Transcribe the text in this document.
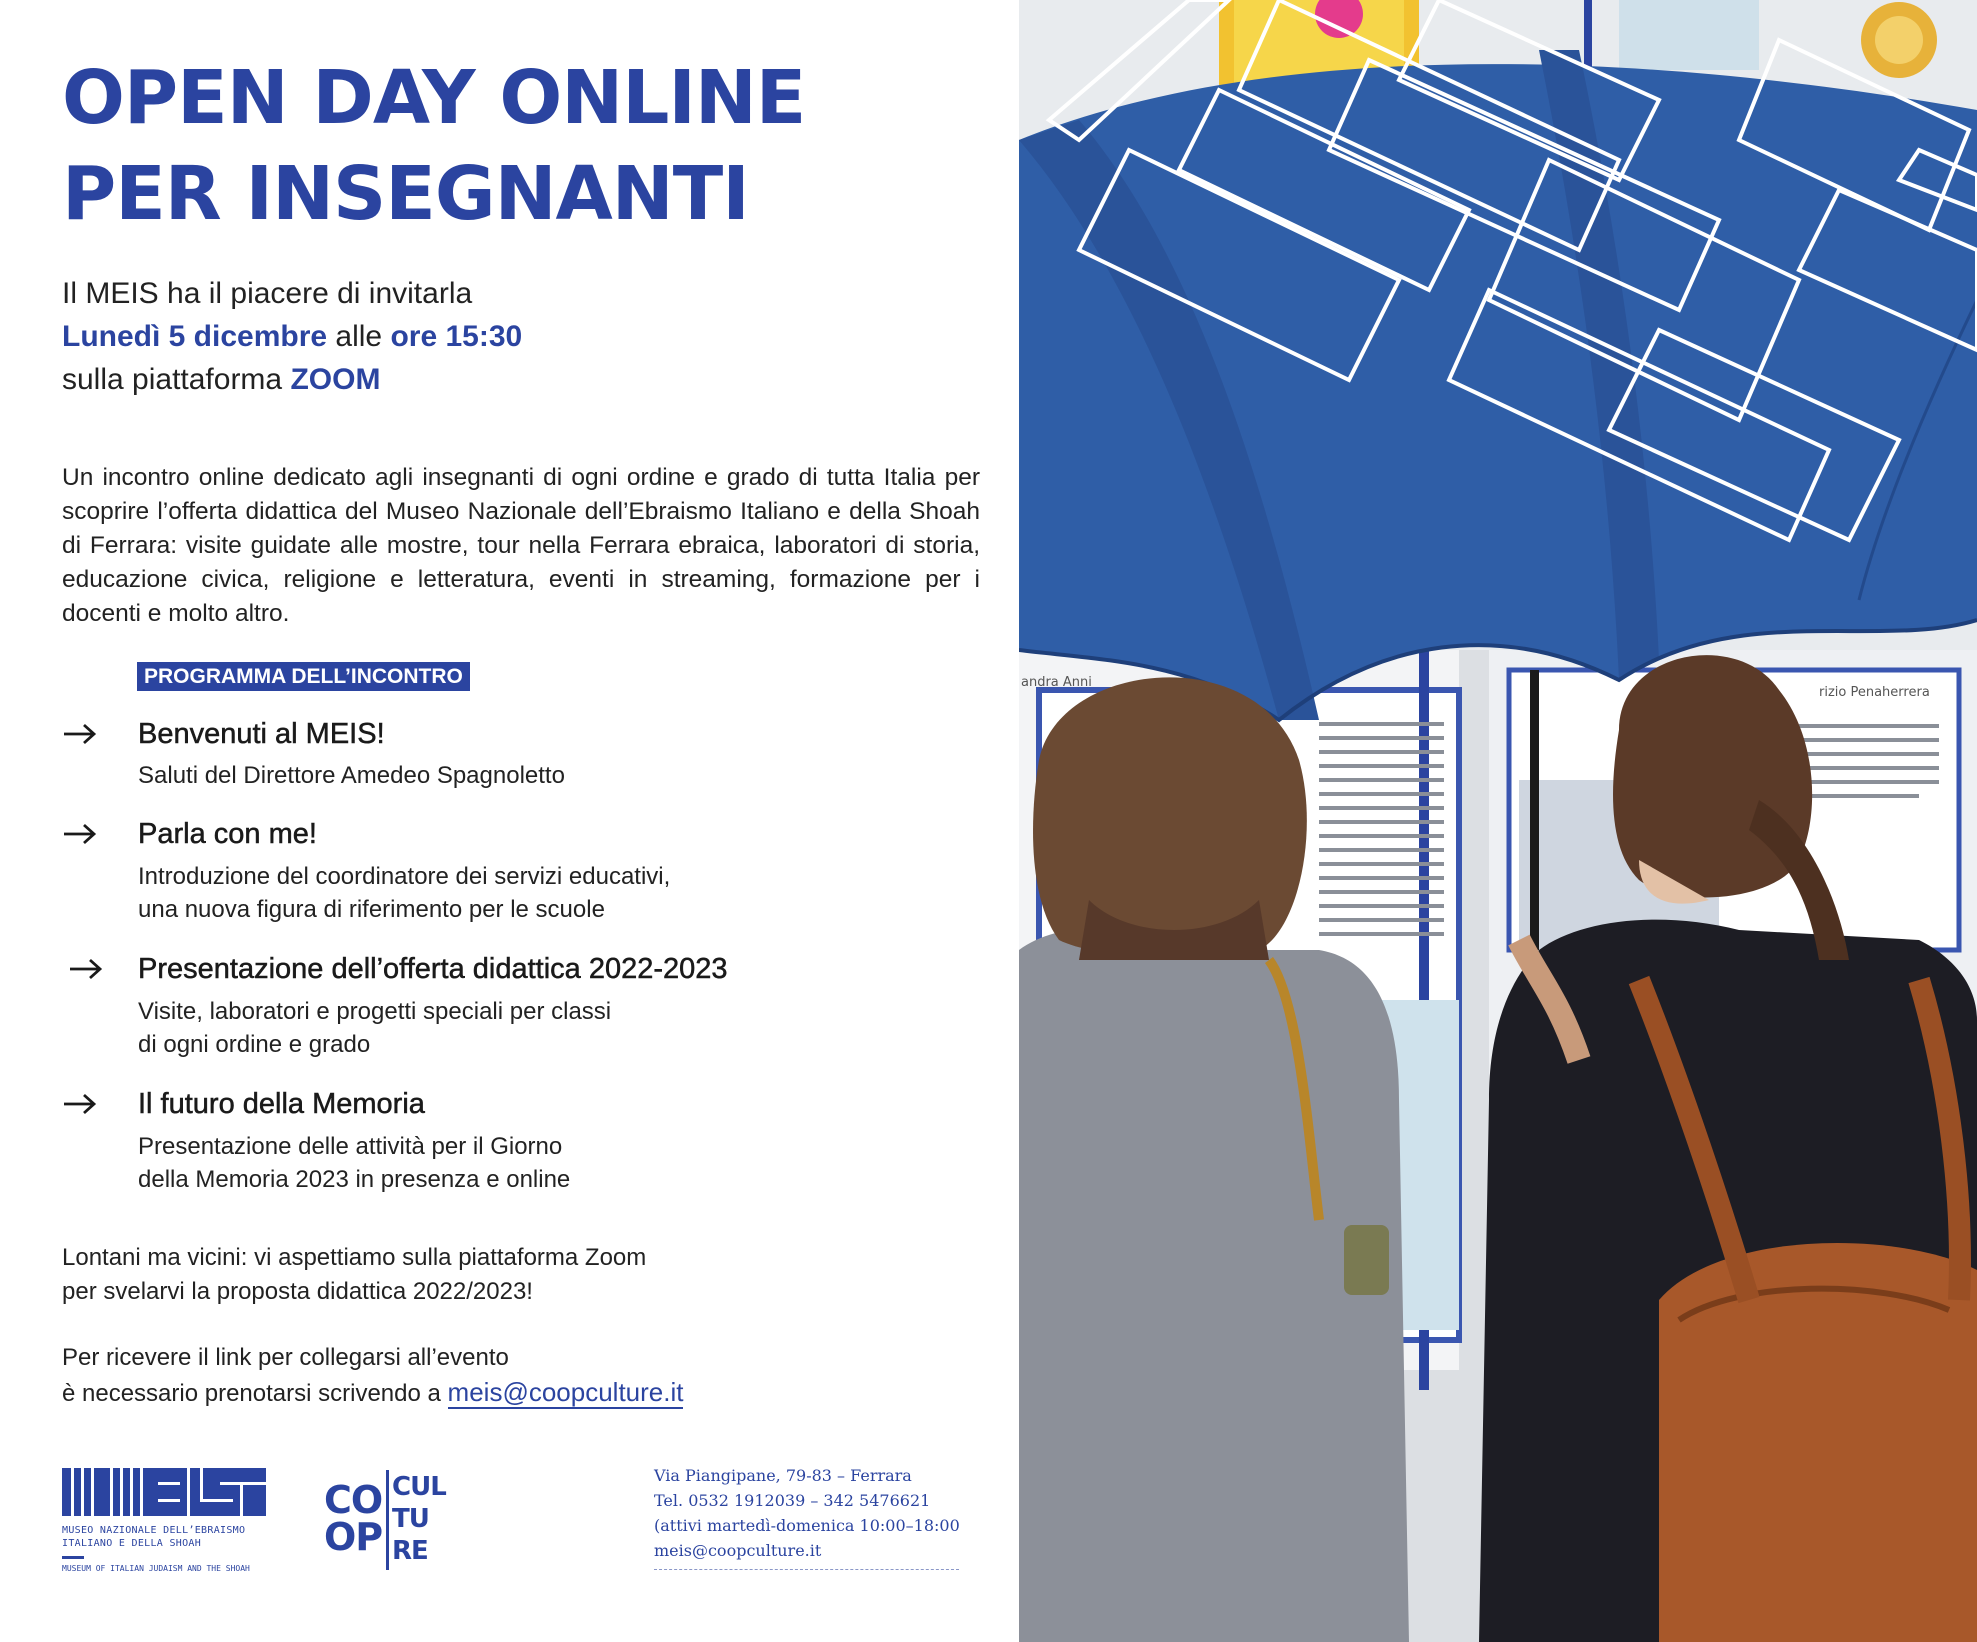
OPEN DAY ONLINE
PER INSEGNANTI
Il MEIS ha il piacere di invitarla
Lunedì 5 dicembre alle ore 15:30
sulla piattaforma ZOOM

Un incontro online dedicato agli insegnanti di ogni ordine e grado di tutta Italia per scoprire l’offerta didattica del Museo Nazionale dell’Ebraismo Italiano e della Shoah di Ferrara: visite guidate alle mostre, tour nella Ferrara ebraica, laboratori di storia, educazione civica, religione e letteratura, eventi in streaming, formazione per i docenti e molto altro.

PROGRAMMA DELL’INCONTRO
Benvenuti al MEIS!
Saluti del Direttore Amedeo Spagnoletto
Parla con me!
Introduzione del coordinatore dei servizi educativi,
una nuova figura di riferimento per le scuole
Presentazione dell’offerta didattica 2022-2023
Visite, laboratori e progetti speciali per classi
di ogni ordine e grado
Il futuro della Memoria
Presentazione delle attività per il Giorno
della Memoria 2023 in presenza e online
Lontani ma vicini: vi aspettiamo sulla piattaforma Zoom
per svelarvi la proposta didattica 2022/2023!
Per ricevere il link per collegarsi all’evento
è necessario prenotarsi scrivendo a meis@coopculture.it
MUSEO NAZIONALE DELL’EBRAISMO
ITALIANO E DELLA SHOAH
MUSEUM OF ITALIAN JUDAISM AND THE SHOAH
CO
OP
CUL
TU
RE
Via Piangipane, 79-83 – Ferrara
Tel. 0532 1912039 – 342 5476621
(attivi martedì-domenica 10:00–18:00
meis@coopculture.it
andra Anni
rizio Penaherrera
